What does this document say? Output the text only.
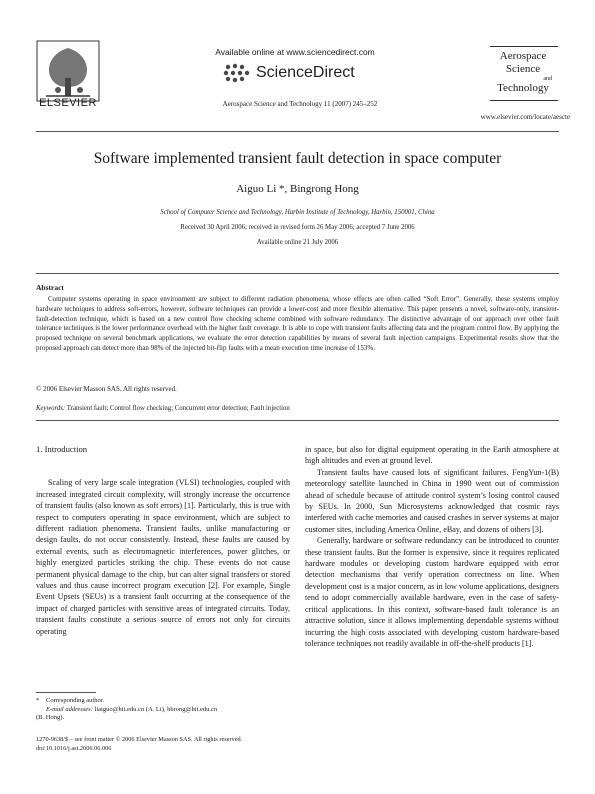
ELSEVIER
Available online at www.sciencedirect.com
ScienceDirect
Aerospace Science and Technology 11 (2007) 245–252
Aerospace
Science
and
Technology
www.elsevier.com/locate/aescte
Software implemented transient fault detection in space computer
Aiguo Li *, Bingrong Hong
School of Computer Science and Technology, Harbin Institute of Technology, Harbin, 150001, China
Received 30 April 2006; received in revised form 26 May 2006; accepted 7 June 2006
Available online 21 July 2006
Abstract
Computer systems operating in space environment are subject to different radiation phenomena, whose effects are often called “Soft Error”. Generally, these systems employ hardware techniques to address soft-errors, however, software techniques can provide a lower-cost and more flexible alternative. This paper presents a novel, software-only, transient-fault-detection technique, which is based on a new control flow checking scheme combined with software redundancy. The distinctive advantage of our approach over other fault tolerance techniques is the lower performance overhead with the higher fault coverage. It is able to cope with transient faults affecting data and the program control flow. By applying the proposed technique on several benchmark applications, we evaluate the error detection capabilities by means of several fault injection campaigns. Experimental results show that the proposed approach can detect more than 98% of the injected bit-flip faults with a mean execution time increase of 153%.
© 2006 Elsevier Masson SAS. All rights reserved.
Keywords: Transient fault; Control flow checking; Concurrent error detection; Fault injection
1. Introduction

Scaling of very large scale integration (VLSI) technologies, coupled with increased integrated circuit complexity, will strongly increase the occurrence of transient faults (also known as soft errors) [1]. Particularly, this is true with respect to computers operating in space environment, which are subject to different radiation phenomena. Transient faults, unlike manufacturing or design faults, do not occur consistently. Instead, these faults are caused by external events, such as electromagnetic interferences, power glitches, or highly energized particles striking the chip. These events do not cause permanent physical damage to the chip, but can alter signal transfers or stored values and thus cause incorrect program execution [2]. For example, Single Event Upsets (SEUs) is a transient fault occurring at the consequence of the impact of charged particles with sensitive areas of integrated circuits. Today, transient faults constitute a serious source of errors not only for circuits operating

in space, but also for digital equipment operating in the Earth atmosphere at high altitudes and even at ground level.

Transient faults have caused lots of significant failures. FengYun-1(B) meteorology satellite launched in China in 1990 went out of commission ahead of schedule because of attitude control system’s losing control caused by SEUs. In 2000, Sun Microsystems acknowledged that cosmic rays interfered with cache memories and caused crashes in server systems at major customer sites, including America Online, eBay, and dozens of others [3].

Generally, hardware or software redundancy can be introduced to counter these transient faults. But the former is expensive, since it requires replicated hardware modules or developing custom hardware equipped with error detection mechanisms that verify operation correctness on line. When development cost is a major concern, as in low volume applications, designers tend to adopt commercially available hardware, even in the case of safety-critical applications. In this context, software-based fault tolerance is an attractive solution, since it allows implementing dependable systems without incurring the high costs associated with developing custom hardware-based tolerance techniques not readily available in off-the-shelf products [1].

* Corresponding author.
E-mail addresses: liaiguo@hit.edu.cn (A. Li), hbrong@hit.edu.cn
(B. Hong).
1270-9638/$ – see front matter © 2006 Elsevier Masson SAS. All rights reserved.
doi:10.1016/j.ast.2006.06.006
